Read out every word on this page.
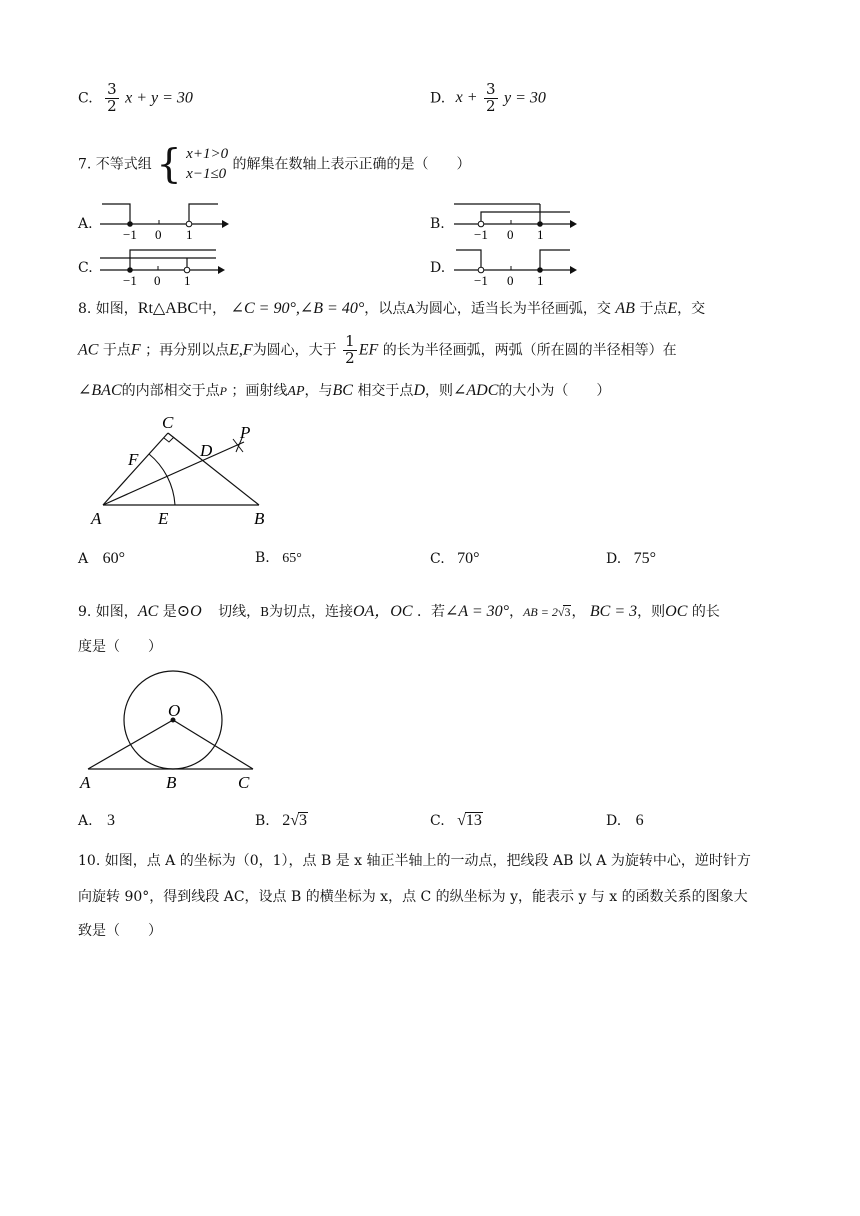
C. $\frac{3}{2}$ x + y = 30	D. $x + \frac{3}{2}$ y = 30
7. 不等式组 { x+1>0
x−1≤0
的解集在数轴上表示正确的是（　　）
A.	B.
C.	D.
−1 0 1	−1 0 1
−1 0 1	−1 0 1
8. 如图，Rt△ABC中， ∠C = 90°,∠B = 40°，以点A为圆心，适当长为半径画弧，交 AB 于点E，交
AC 于点F ；再分别以点E,F为圆心，大于 $\frac{1}{2}$ EF 的长为半径画弧，两弧（所在圆的半径相等）在
∠BAC的内部相交于点P ；画射线AP，与BC 相交于点D，则∠ADC的大小为（　　）
A	B
C
D
E
F
P
A 60°	B. 65°	C. 70°	D. 75°
9. 如图，AC 是⊙O 切线，B为切点，连接OA，OC ．若∠A = 30°，AB = 2√3， BC = 3，则OC 的长
度是（　　）
O
A	B	C
A. 3	B. 2√3	C. √13	D. 6
10. 如图，点 A 的坐标为（0，1），点 B 是 x 轴正半轴上的一动点，把线段 AB 以 A 为旋转中心，逆时针方
向旋转 90°，得到线段 AC，设点 B 的横坐标为 x，点 C 的纵坐标为 y，能表示 y 与 x 的函数关系的图象大
致是（　　）
